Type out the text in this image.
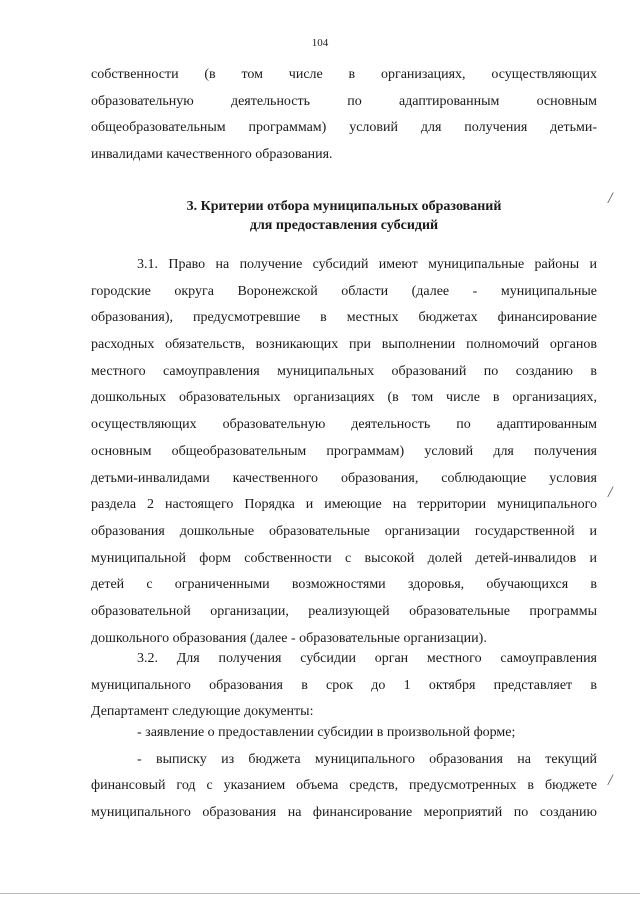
104
собственности (в том числе в организациях, осуществляющих
образовательную деятельность по адаптированным основным
общеобразовательным программам) условий для получения детьми-
инвалидами качественного образования.
3. Критерии отбора муниципальных образований
для предоставления субсидий
3.1. Право на получение субсидий имеют муниципальные районы и
городские округа Воронежской области (далее - муниципальные
образования), предусмотревшие в местных бюджетах финансирование
расходных обязательств, возникающих при выполнении полномочий органов
местного самоуправления муниципальных образований по созданию в
дошкольных образовательных организациях (в том числе в организациях,
осуществляющих образовательную деятельность по адаптированным
основным общеобразовательным программам) условий для получения
детьми-инвалидами качественного образования, соблюдающие условия
раздела 2 настоящего Порядка и имеющие на территории муниципального
образования дошкольные образовательные организации государственной и
муниципальной форм собственности с высокой долей детей-инвалидов и
детей с ограниченными возможностями здоровья, обучающихся в
образовательной организации, реализующей образовательные программы
дошкольного образования (далее - образовательные организации).
3.2. Для получения субсидии орган местного самоуправления
муниципального образования в срок до 1 октября представляет в
Департамент следующие документы:
- заявление о предоставлении субсидии в произвольной форме;
- выписку из бюджета муниципального образования на текущий
финансовый год с указанием объема средств, предусмотренных в бюджете
муниципального образования на финансирование мероприятий по созданию
/
/
/
